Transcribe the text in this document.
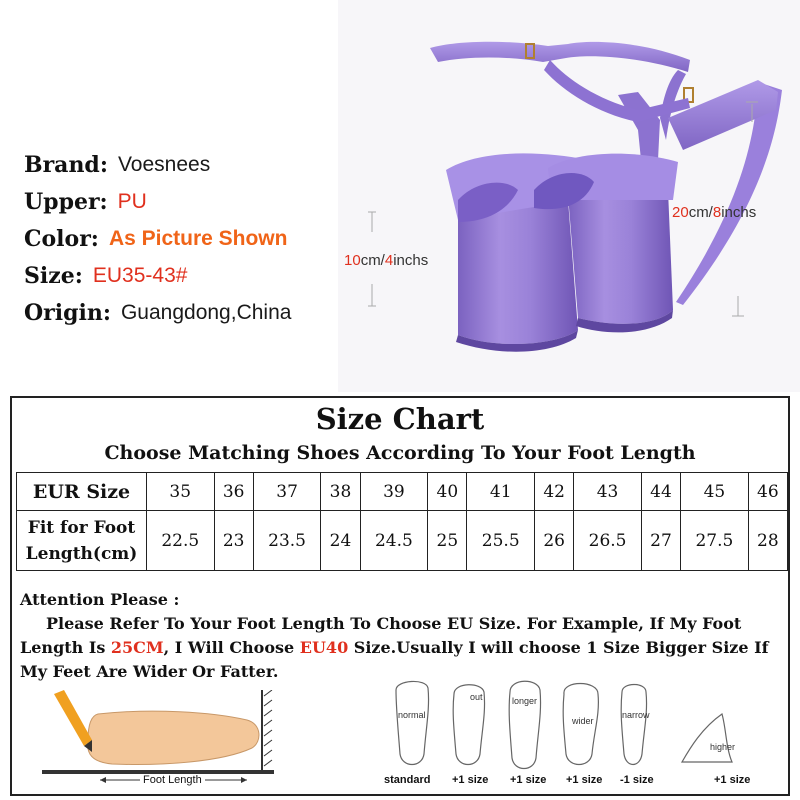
Brand: Voesnees
Upper: PU
Color: As Picture Shown
Size: EU35-43#
Origin: Guangdong,China
10cm/4inchs
20cm/8inchs
Size Chart
Choose Matching Shoes According To Your Foot Length
EUR Size	35	36	37	38	39	40	41	42	43	44	45	46

Fit for Foot
Length(cm)	22.5	23	23.5	24	24.5	25	25.5	26	26.5	27	27.5	28
Attention Please :
Please Refer To Your Foot Length To Choose EU Size. For Example, If My Foot Length Is 25CM, I Will Choose EU40 Size.Usually I will choose 1 Size Bigger Size If My Feet Are Wider Or Fatter.
Foot Length
normal
out	longer
wider
narrow
higher
standard +1 size +1 size +1 size -1 size	+1 size
